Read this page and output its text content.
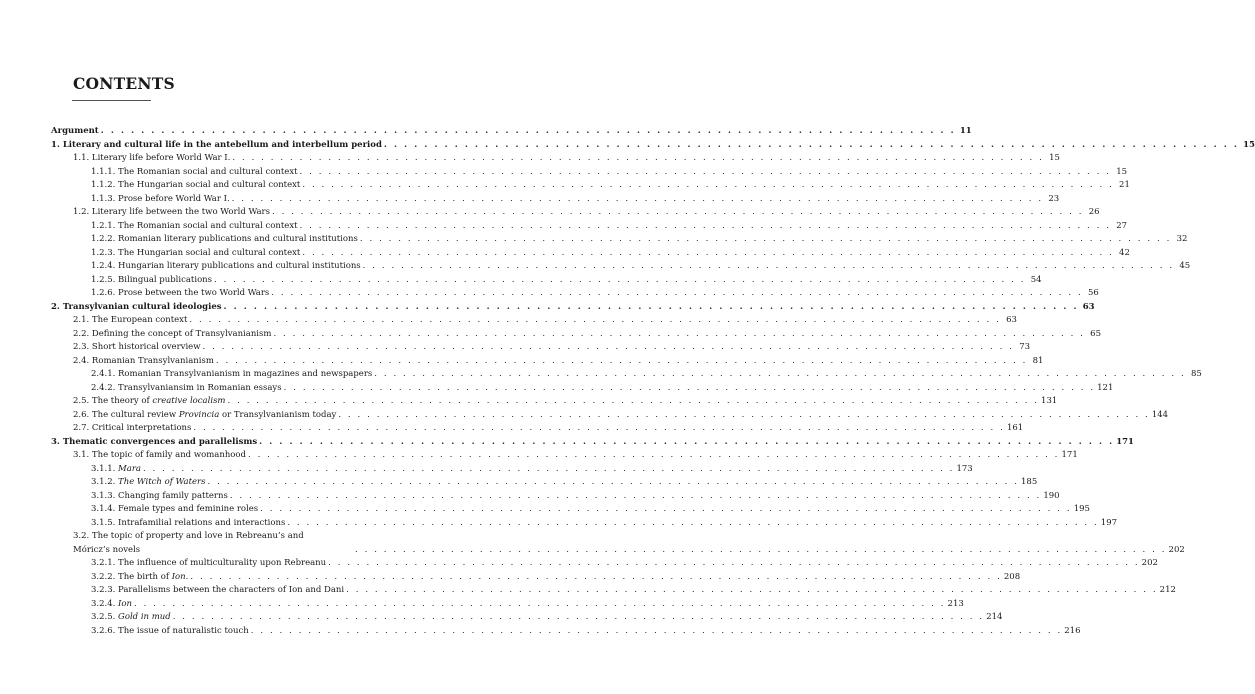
CONTENTS
Argument . . . . . . . . . . . . . . . . . . . . . . . . . . . . . . . . . . . . . . . . . . . . . . . . . . . . . . . . . . . . . . . . . . . . . . . . . . . . . . . . . . . . . 11
1. Literary and cultural life in the antebellum and interbellum period . . . . . . . . . . . . . . . . . . . . . . . . . . . . . . . . . . . . . . . . . . . . . . . . . . . . . . . . . . . . . . . . . . . . . . . . . . . . . . . . . . . . . 15
1.1. Literary life before World War I. . . . . . . . . . . . . . . . . . . . . . . . . . . . . . . . . . . . . . . . . . . . . . . . . . . . . . . . . . . . . . . . . . . . . . . . . . . . . . . . . . . . . . 15
1.1.1. The Romanian social and cultural context . . . . . . . . . . . . . . . . . . . . . . . . . . . . . . . . . . . . . . . . . . . . . . . . . . . . . . . . . . . . . . . . . . . . . . . . . . . . . . . . . . . . . 15
1.1.2. The Hungarian social and cultural context . . . . . . . . . . . . . . . . . . . . . . . . . . . . . . . . . . . . . . . . . . . . . . . . . . . . . . . . . . . . . . . . . . . . . . . . . . . . . . . . . . . . . 21
1.1.3. Prose before World War I. . . . . . . . . . . . . . . . . . . . . . . . . . . . . . . . . . . . . . . . . . . . . . . . . . . . . . . . . . . . . . . . . . . . . . . . . . . . . . . . . . . . . . 23
1.2. Literary life between the two World Wars . . . . . . . . . . . . . . . . . . . . . . . . . . . . . . . . . . . . . . . . . . . . . . . . . . . . . . . . . . . . . . . . . . . . . . . . . . . . . . . . . . . . . 26
1.2.1. The Romanian social and cultural context . . . . . . . . . . . . . . . . . . . . . . . . . . . . . . . . . . . . . . . . . . . . . . . . . . . . . . . . . . . . . . . . . . . . . . . . . . . . . . . . . . . . . 27
1.2.2. Romanian literary publications and cultural institutions . . . . . . . . . . . . . . . . . . . . . . . . . . . . . . . . . . . . . . . . . . . . . . . . . . . . . . . . . . . . . . . . . . . . . . . . . . . . . . . . . . . . . 32
1.2.3. The Hungarian social and cultural context . . . . . . . . . . . . . . . . . . . . . . . . . . . . . . . . . . . . . . . . . . . . . . . . . . . . . . . . . . . . . . . . . . . . . . . . . . . . . . . . . . . . . 42
1.2.4. Hungarian literary publications and cultural institutions . . . . . . . . . . . . . . . . . . . . . . . . . . . . . . . . . . . . . . . . . . . . . . . . . . . . . . . . . . . . . . . . . . . . . . . . . . . . . . . . . . . . . 45
1.2.5. Bilingual publications . . . . . . . . . . . . . . . . . . . . . . . . . . . . . . . . . . . . . . . . . . . . . . . . . . . . . . . . . . . . . . . . . . . . . . . . . . . . . . . . . . . . . 54
1.2.6. Prose between the two World Wars . . . . . . . . . . . . . . . . . . . . . . . . . . . . . . . . . . . . . . . . . . . . . . . . . . . . . . . . . . . . . . . . . . . . . . . . . . . . . . . . . . . . . 56
2. Transylvanian cultural ideologies . . . . . . . . . . . . . . . . . . . . . . . . . . . . . . . . . . . . . . . . . . . . . . . . . . . . . . . . . . . . . . . . . . . . . . . . . . . . . . . . . . . . . 63
2.1. The European context . . . . . . . . . . . . . . . . . . . . . . . . . . . . . . . . . . . . . . . . . . . . . . . . . . . . . . . . . . . . . . . . . . . . . . . . . . . . . . . . . . . . . 63
2.2. Defining the concept of Transylvanianism . . . . . . . . . . . . . . . . . . . . . . . . . . . . . . . . . . . . . . . . . . . . . . . . . . . . . . . . . . . . . . . . . . . . . . . . . . . . . . . . . . . . . 65
2.3. Short historical overview . . . . . . . . . . . . . . . . . . . . . . . . . . . . . . . . . . . . . . . . . . . . . . . . . . . . . . . . . . . . . . . . . . . . . . . . . . . . . . . . . . . . . 73
2.4. Romanian Transylvanianism . . . . . . . . . . . . . . . . . . . . . . . . . . . . . . . . . . . . . . . . . . . . . . . . . . . . . . . . . . . . . . . . . . . . . . . . . . . . . . . . . . . . . 81
2.4.1. Romanian Transylvanianism in magazines and newspapers . . . . . . . . . . . . . . . . . . . . . . . . . . . . . . . . . . . . . . . . . . . . . . . . . . . . . . . . . . . . . . . . . . . . . . . . . . . . . . . . . . . . . 85
2.4.2. Transylvaniansim in Romanian essays . . . . . . . . . . . . . . . . . . . . . . . . . . . . . . . . . . . . . . . . . . . . . . . . . . . . . . . . . . . . . . . . . . . . . . . . . . . . . . . . . . . . . 121
2.5. The theory of creative localism . . . . . . . . . . . . . . . . . . . . . . . . . . . . . . . . . . . . . . . . . . . . . . . . . . . . . . . . . . . . . . . . . . . . . . . . . . . . . . . . . . . . . 131
2.6. The cultural review Provincia or Transylvanianism today . . . . . . . . . . . . . . . . . . . . . . . . . . . . . . . . . . . . . . . . . . . . . . . . . . . . . . . . . . . . . . . . . . . . . . . . . . . . . . . . . . . . . 144
2.7. Critical interpretations . . . . . . . . . . . . . . . . . . . . . . . . . . . . . . . . . . . . . . . . . . . . . . . . . . . . . . . . . . . . . . . . . . . . . . . . . . . . . . . . . . . . . 161
3. Thematic convergences and parallelisms . . . . . . . . . . . . . . . . . . . . . . . . . . . . . . . . . . . . . . . . . . . . . . . . . . . . . . . . . . . . . . . . . . . . . . . . . . . . . . . . . . . . . 171
3.1. The topic of family and womanhood . . . . . . . . . . . . . . . . . . . . . . . . . . . . . . . . . . . . . . . . . . . . . . . . . . . . . . . . . . . . . . . . . . . . . . . . . . . . . . . . . . . . . 171
3.1.1. Mara . . . . . . . . . . . . . . . . . . . . . . . . . . . . . . . . . . . . . . . . . . . . . . . . . . . . . . . . . . . . . . . . . . . . . . . . . . . . . . . . . . . . . 173
3.1.2. The Witch of Waters . . . . . . . . . . . . . . . . . . . . . . . . . . . . . . . . . . . . . . . . . . . . . . . . . . . . . . . . . . . . . . . . . . . . . . . . . . . . . . . . . . . . . 185
3.1.3. Changing family patterns . . . . . . . . . . . . . . . . . . . . . . . . . . . . . . . . . . . . . . . . . . . . . . . . . . . . . . . . . . . . . . . . . . . . . . . . . . . . . . . . . . . . . 190
3.1.4. Female types and feminine roles . . . . . . . . . . . . . . . . . . . . . . . . . . . . . . . . . . . . . . . . . . . . . . . . . . . . . . . . . . . . . . . . . . . . . . . . . . . . . . . . . . . . . 195
3.1.5. Intrafamilial relations and interactions . . . . . . . . . . . . . . . . . . . . . . . . . . . . . . . . . . . . . . . . . . . . . . . . . . . . . . . . . . . . . . . . . . . . . . . . . . . . . . . . . . . . . 197
3.2. The topic of property and love in Rebreanu’s and
Móricz’s novels	. . . . . . . . . . . . . . . . . . . . . . . . . . . . . . . . . . . . . . . . . . . . . . . . . . . . . . . . . . . . . . . . . . . . . . . . . . . . . . . . . . . . . 202
3.2.1. The influence of multiculturality upon Rebreanu . . . . . . . . . . . . . . . . . . . . . . . . . . . . . . . . . . . . . . . . . . . . . . . . . . . . . . . . . . . . . . . . . . . . . . . . . . . . . . . . . . . . . 202
3.2.2. The birth of Ion. . . . . . . . . . . . . . . . . . . . . . . . . . . . . . . . . . . . . . . . . . . . . . . . . . . . . . . . . . . . . . . . . . . . . . . . . . . . . . . . . . . . . . 208
3.2.3. Parallelisms between the characters of Ion and Dani . . . . . . . . . . . . . . . . . . . . . . . . . . . . . . . . . . . . . . . . . . . . . . . . . . . . . . . . . . . . . . . . . . . . . . . . . . . . . . . . . . . . . 212
3.2.4. Ion . . . . . . . . . . . . . . . . . . . . . . . . . . . . . . . . . . . . . . . . . . . . . . . . . . . . . . . . . . . . . . . . . . . . . . . . . . . . . . . . . . . . . 213
3.2.5. Gold in mud . . . . . . . . . . . . . . . . . . . . . . . . . . . . . . . . . . . . . . . . . . . . . . . . . . . . . . . . . . . . . . . . . . . . . . . . . . . . . . . . . . . . . 214
3.2.6. The issue of naturalistic touch . . . . . . . . . . . . . . . . . . . . . . . . . . . . . . . . . . . . . . . . . . . . . . . . . . . . . . . . . . . . . . . . . . . . . . . . . . . . . . . . . . . . . 216
